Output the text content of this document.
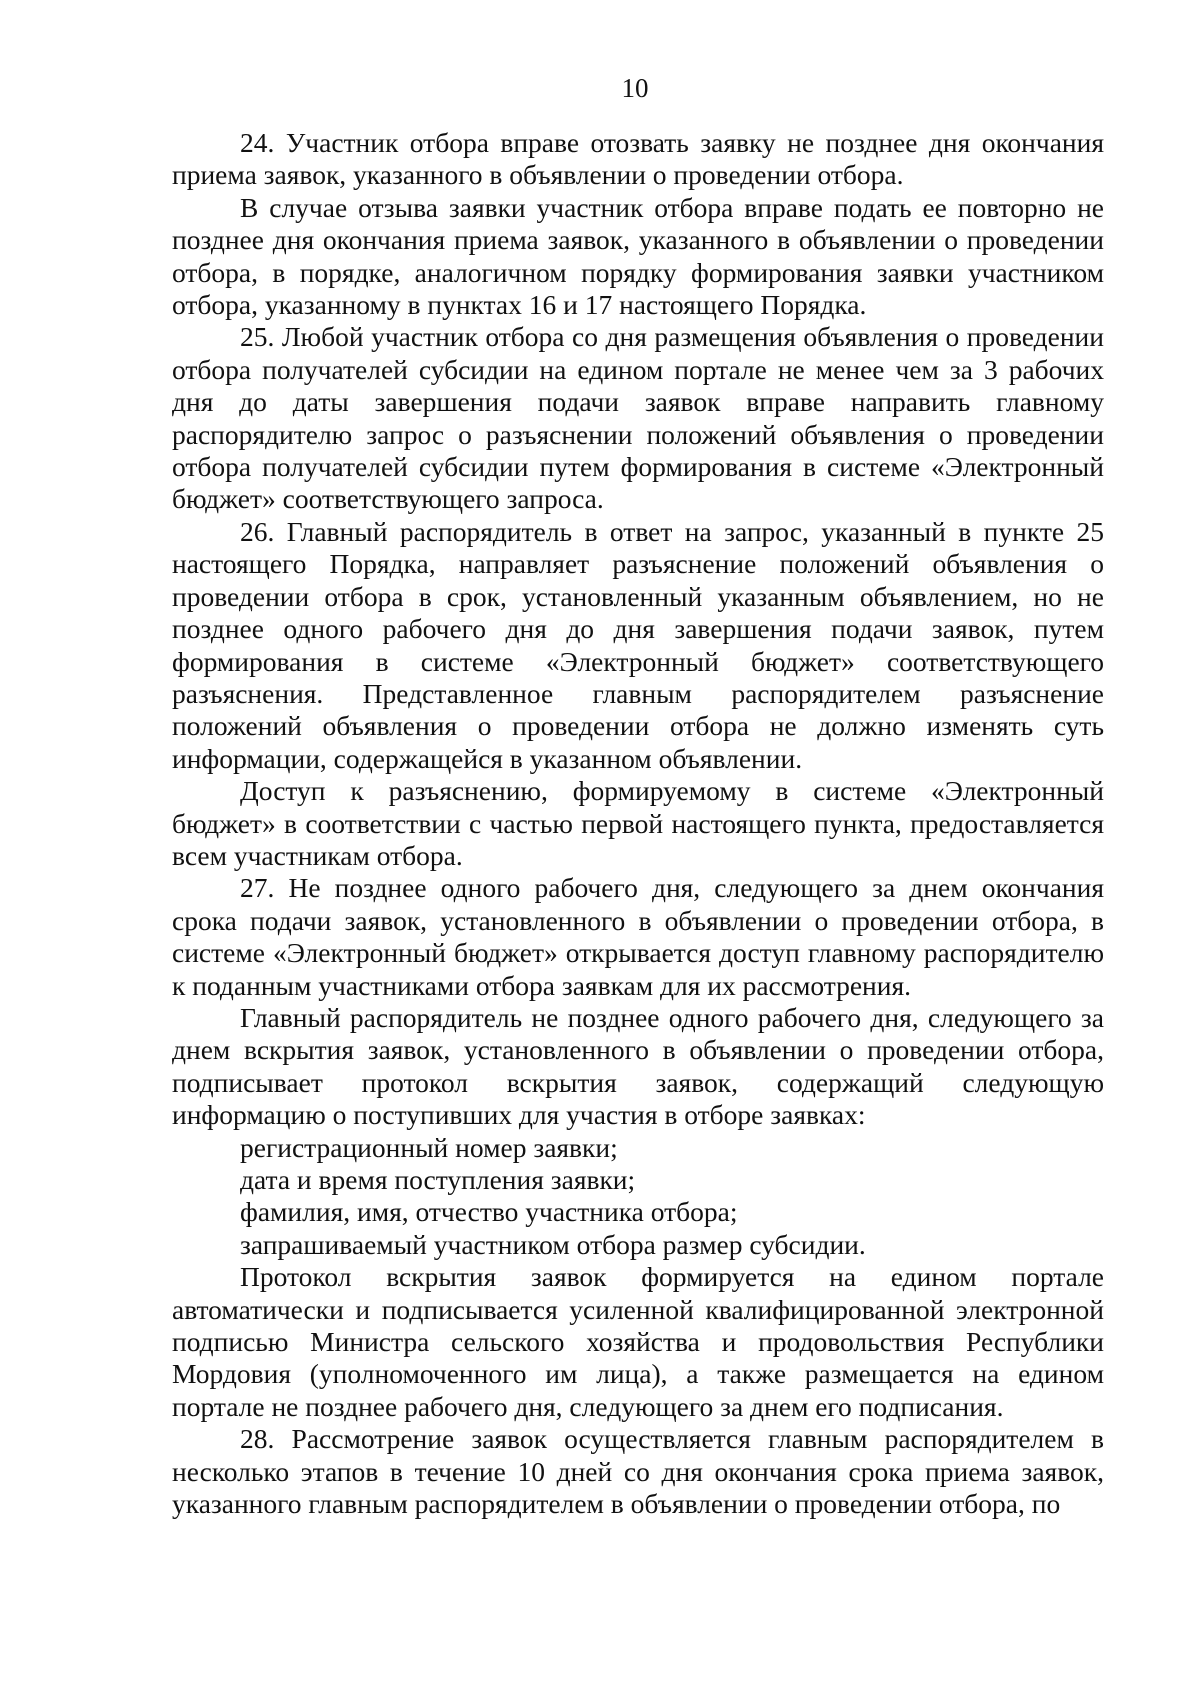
10

24. Участник отбора вправе отозвать заявку не позднее дня окончания приема заявок, указанного в объявлении о проведении отбора.

В случае отзыва заявки участник отбора вправе подать ее повторно не позднее дня окончания приема заявок, указанного в объявлении о проведении отбора, в порядке, аналогичном порядку формирования заявки участником отбора, указанному в пунктах 16 и 17 настоящего Порядка.

25. Любой участник отбора со дня размещения объявления о проведении отбора получателей субсидии на едином портале не менее чем за 3 рабочих дня до даты завершения подачи заявок вправе направить главному распорядителю запрос о разъяснении положений объявления о проведении отбора получателей субсидии путем формирования в системе «Электронный бюджет» соответствующего запроса.

26. Главный распорядитель в ответ на запрос, указанный в пункте 25 настоящего Порядка, направляет разъяснение положений объявления о проведении отбора в срок, установленный указанным объявлением, но не позднее одного рабочего дня до дня завершения подачи заявок, путем формирования в системе «Электронный бюджет» соответствующего разъяснения. Представленное главным распорядителем разъяснение положений объявления о проведении отбора не должно изменять суть информации, содержащейся в указанном объявлении.

Доступ к разъяснению, формируемому в системе «Электронный бюджет» в соответствии с частью первой настоящего пункта, предоставляется всем участникам отбора.

27. Не позднее одного рабочего дня, следующего за днем окончания срока подачи заявок, установленного в объявлении о проведении отбора, в системе «Электронный бюджет» открывается доступ главному распорядителю к поданным участниками отбора заявкам для их рассмотрения.

Главный распорядитель не позднее одного рабочего дня, следующего за днем вскрытия заявок, установленного в объявлении о проведении отбора, подписывает протокол вскрытия заявок, содержащий следующую информацию о поступивших для участия в отборе заявках:

регистрационный номер заявки;

дата и время поступления заявки;

фамилия, имя, отчество участника отбора;

запрашиваемый участником отбора размер субсидии.

Протокол вскрытия заявок формируется на едином портале автоматически и подписывается усиленной квалифицированной электронной подписью Министра сельского хозяйства и продовольствия Республики Мордовия (уполномоченного им лица), а также размещается на едином портале не позднее рабочего дня, следующего за днем его подписания.

28. Рассмотрение заявок осуществляется главным распорядителем в несколько этапов в течение 10 дней со дня окончания срока приема заявок, указанного главным распорядителем в объявлении о проведении отбора, по
